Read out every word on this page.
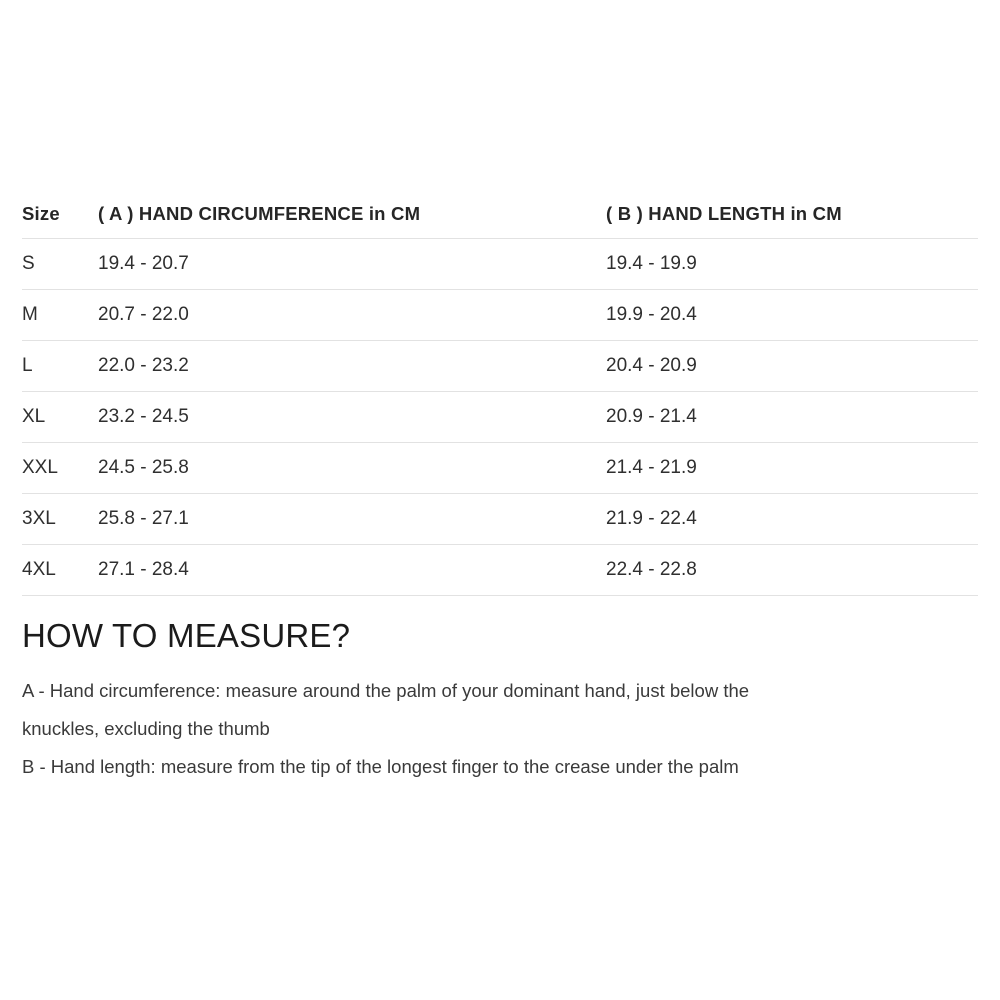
Size	( A ) HAND CIRCUMFERENCE in CM	( B ) HAND LENGTH in CM
S	19.4 - 20.7	19.4 - 19.9
M	20.7 - 22.0	19.9 - 20.4
L	22.0 - 23.2	20.4 - 20.9
XL	23.2 - 24.5	20.9 - 21.4
XXL	24.5 - 25.8	21.4 - 21.9
3XL	25.8 - 27.1	21.9 - 22.4
4XL	27.1 - 28.4	22.4 - 22.8
HOW TO MEASURE?
A - Hand circumference: measure around the palm of your dominant hand, just below the
knuckles, excluding the thumb
B - Hand length: measure from the tip of the longest finger to the crease under the palm
